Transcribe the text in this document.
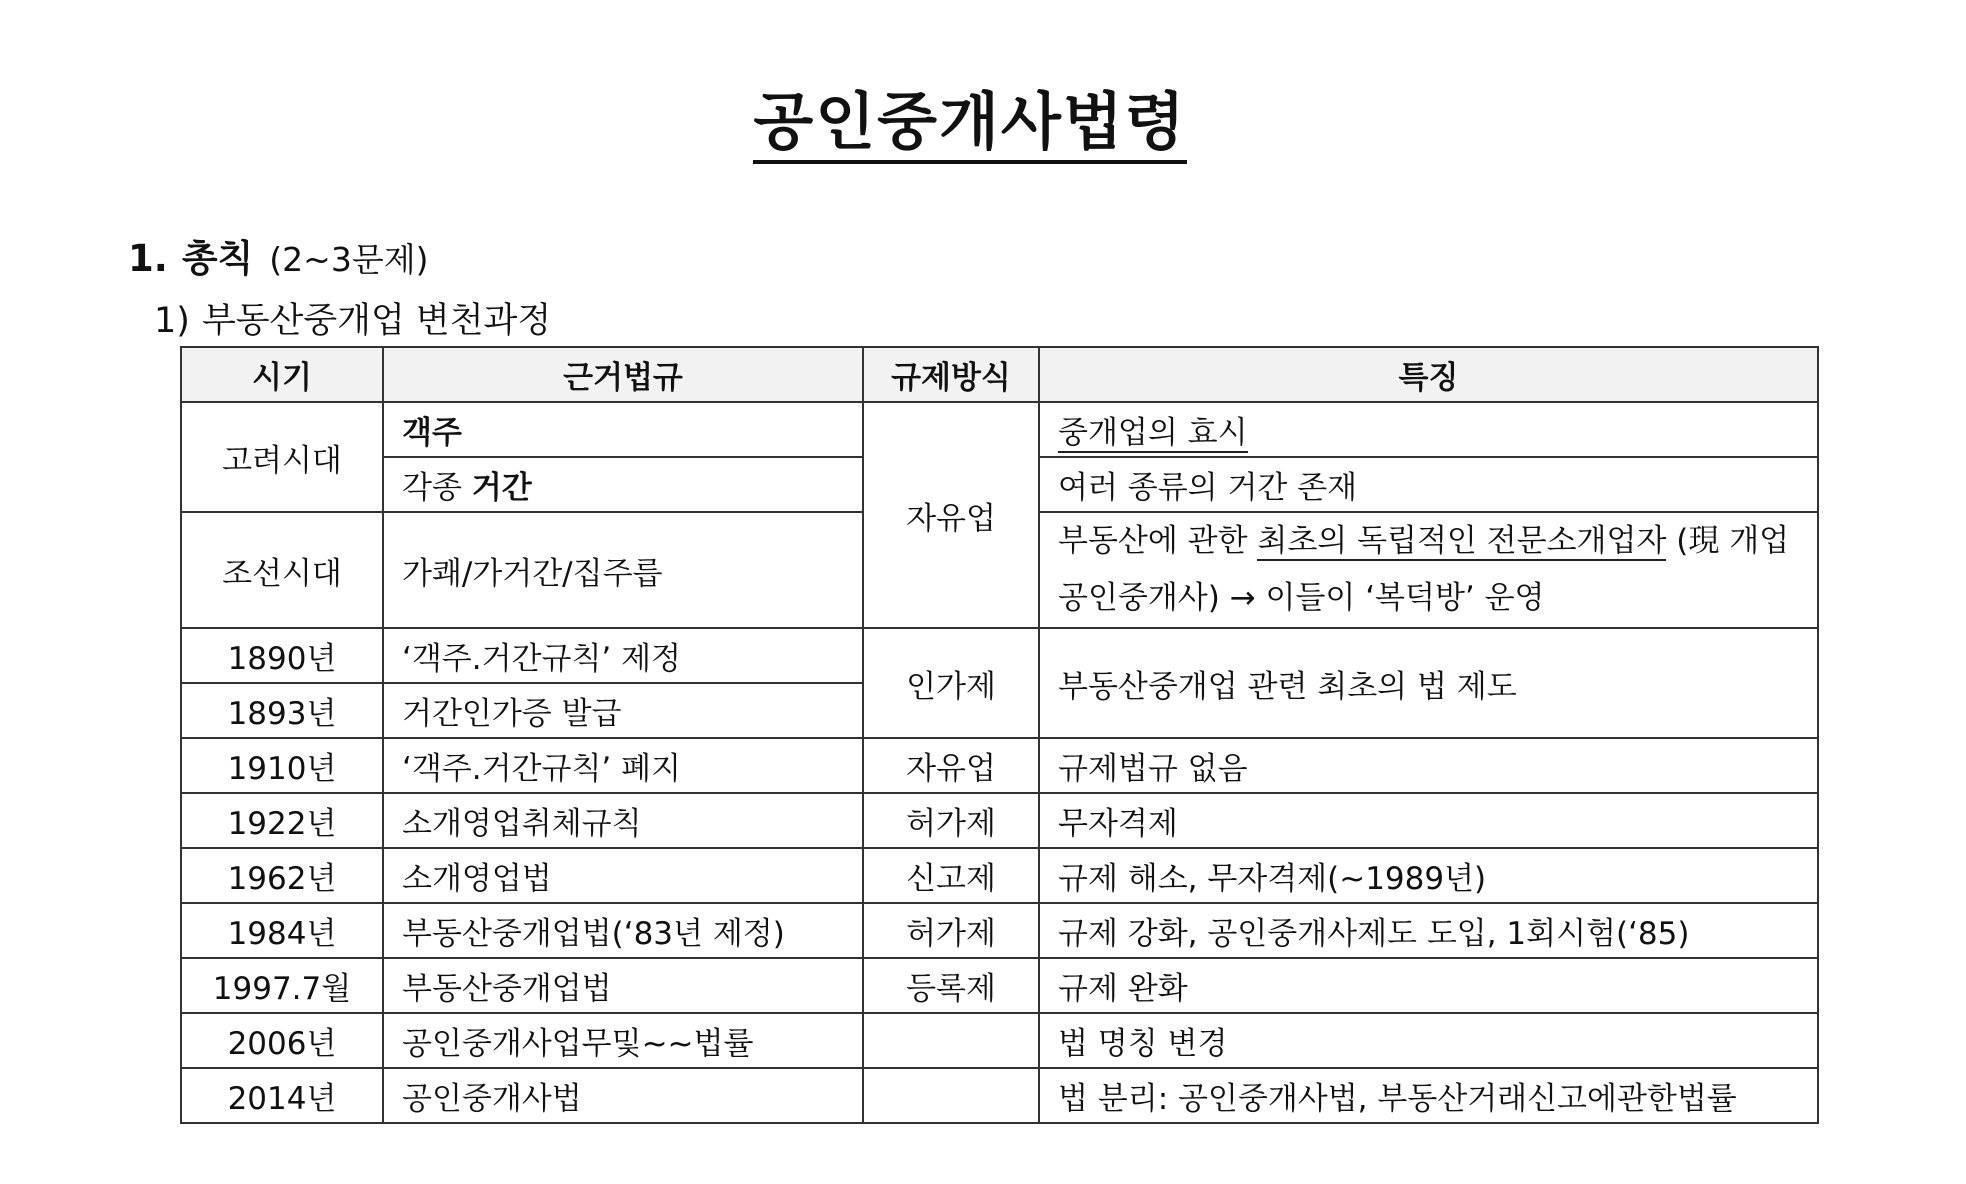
공인중개사법령
1. 총칙 (2~3문제)
1) 부동산중개업 변천과정
시기	근거법규	규제방식	특징
고려시대	객주	자유업	중개업의 효시
	각종 거간		여러 종류의 거간 존재
조선시대	가쾌/가거간/집주릅		부동산에 관한 최초의 독립적인 전문소개업자 (現 개업공인중개사) → 이들이 ‘복덕방’ 운영

1890년	‘객주.거간규칙’ 제정	인가제	부동산중개업 관련 최초의 법 제도
1893년	거간인가증 발급		
1910년	‘객주.거간규칙’ 폐지	자유업	규제법규 없음
1922년	소개영업취체규칙	허가제	무자격제
1962년	소개영업법	신고제	규제 해소, 무자격제(~1989년)
1984년	부동산중개업법(‘83년 제정)	허가제	규제 강화, 공인중개사제도 도입, 1회시험(‘85)
1997.7월	부동산중개업법	등록제	규제 완화
2006년	공인중개사업무및~~법률		법 명칭 변경
2014년	공인중개사법		법 분리: 공인중개사법, 부동산거래신고에관한법률
